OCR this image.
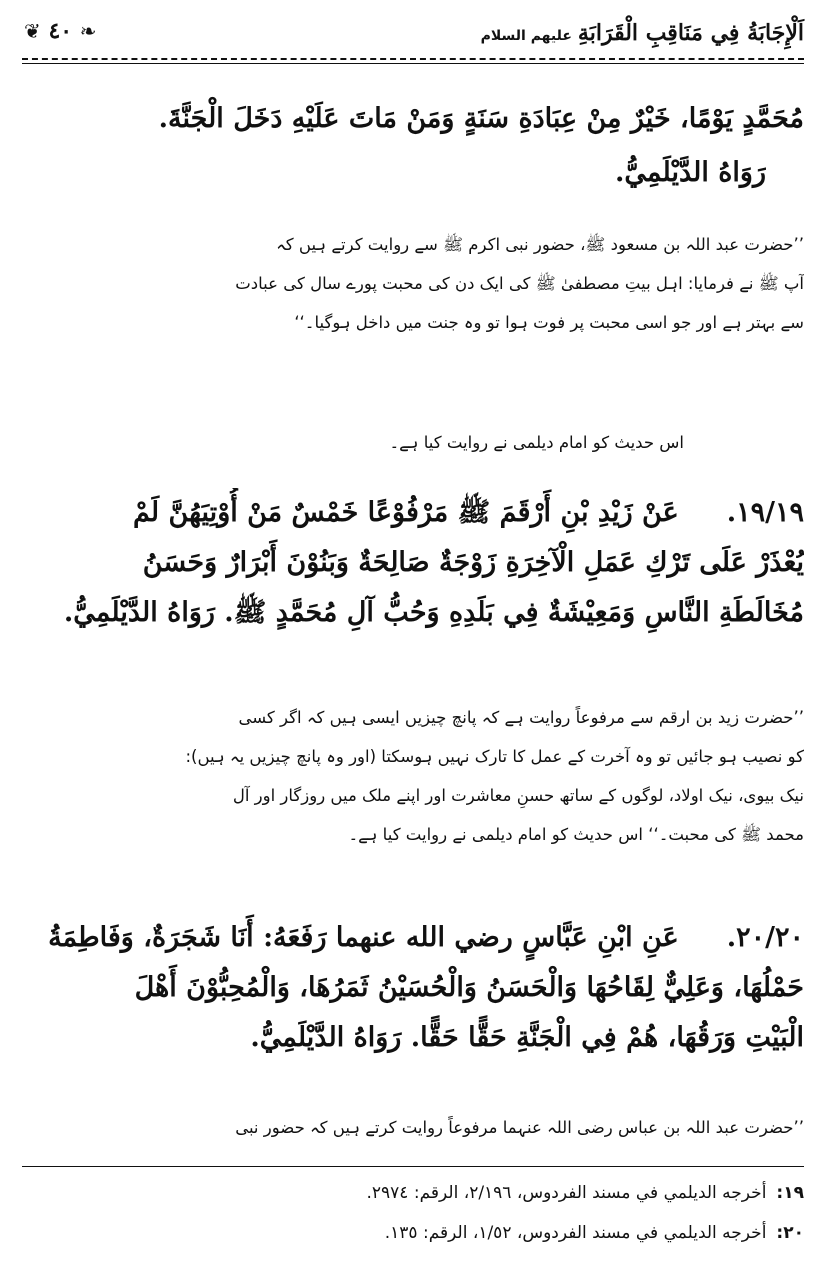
اَلْإِجَابَةُ فِي مَنَاقِبِ الْقَرَابَةِعليهم السلام
❦ ٤٠ ❧
مُحَمَّدٍ يَوْمًا، خَيْرٌ مِنْ عِبَادَةِ سَنَةٍ وَمَنْ مَاتَ عَلَيْهِ دَخَلَ الْجَنَّةَ.
رَوَاهُ الدَّيْلَمِيُّ.
’’حضرت عبد اللہ بن مسعود ﷺ، حضور نبی اکرم ﷺ سے روایت کرتے ہیں کہ
آپ ﷺ نے فرمایا: اہل بیتِ مصطفیٰ ﷺ کی ایک دن کی محبت پورے سال کی عبادت
سے بہتر ہے اور جو اسی محبت پر فوت ہوا تو وہ جنت میں داخل ہوگیا۔‘‘
اس حدیث کو امام دیلمی نے روایت کیا ہے۔
١٩/١٩.عَنْ زَيْدِ بْنِ أَرْقَمَ ﷺ مَرْفُوْعًا خَمْسٌ مَنْ أُوْتِيَهُنَّ لَمْ
يُعْذَرْ عَلَى تَرْكِ عَمَلِ الْآخِرَةِ زَوْجَةٌ صَالِحَةٌ وَبَنُوْنَ أَبْرَارٌ وَحَسَنُ
مُخَالَطَةِ النَّاسِ وَمَعِيْشَةٌ فِي بَلَدِهِ وَحُبُّ آلِ مُحَمَّدٍ ﷺ. رَوَاهُ الدَّيْلَمِيُّ.
’’حضرت زید بن ارقم سے مرفوعاً روایت ہے کہ پانچ چیزیں ایسی ہیں کہ اگر کسی
کو نصیب ہو جائیں تو وہ آخرت کے عمل کا تارک نہیں ہوسکتا (اور وہ پانچ چیزیں یہ ہیں):
نیک بیوی، نیک اولاد، لوگوں کے ساتھ حسنِ معاشرت اور اپنے ملک میں روزگار اور آل
محمد ﷺ کی محبت۔‘‘ اس حدیث کو امام دیلمی نے روایت کیا ہے۔
٢٠/٢٠.عَنِ ابْنِ عَبَّاسٍ رضي الله عنهما رَفَعَهُ: أَنَا شَجَرَةٌ، وَفَاطِمَةُ
حَمْلُهَا، وَعَلِيٌّ لِقَاحُهَا وَالْحَسَنُ وَالْحُسَيْنُ ثَمَرُهَا، وَالْمُحِبُّوْنَ أَهْلَ
الْبَيْتِ وَرَقُهَا، هُمْ فِي الْجَنَّةِ حَقًّا حَقًّا. رَوَاهُ الدَّيْلَمِيُّ.
’’حضرت عبد اللہ بن عباس رضی اللہ عنہما مرفوعاً روایت کرتے ہیں کہ حضور نبی
١٩:أخرجه الديلمي في مسند الفردوس، ٢/١٩٦، الرقم: ٢٩٧٤.
٢٠:أخرجه الديلمي في مسند الفردوس، ١/٥٢، الرقم: ١٣٥.
